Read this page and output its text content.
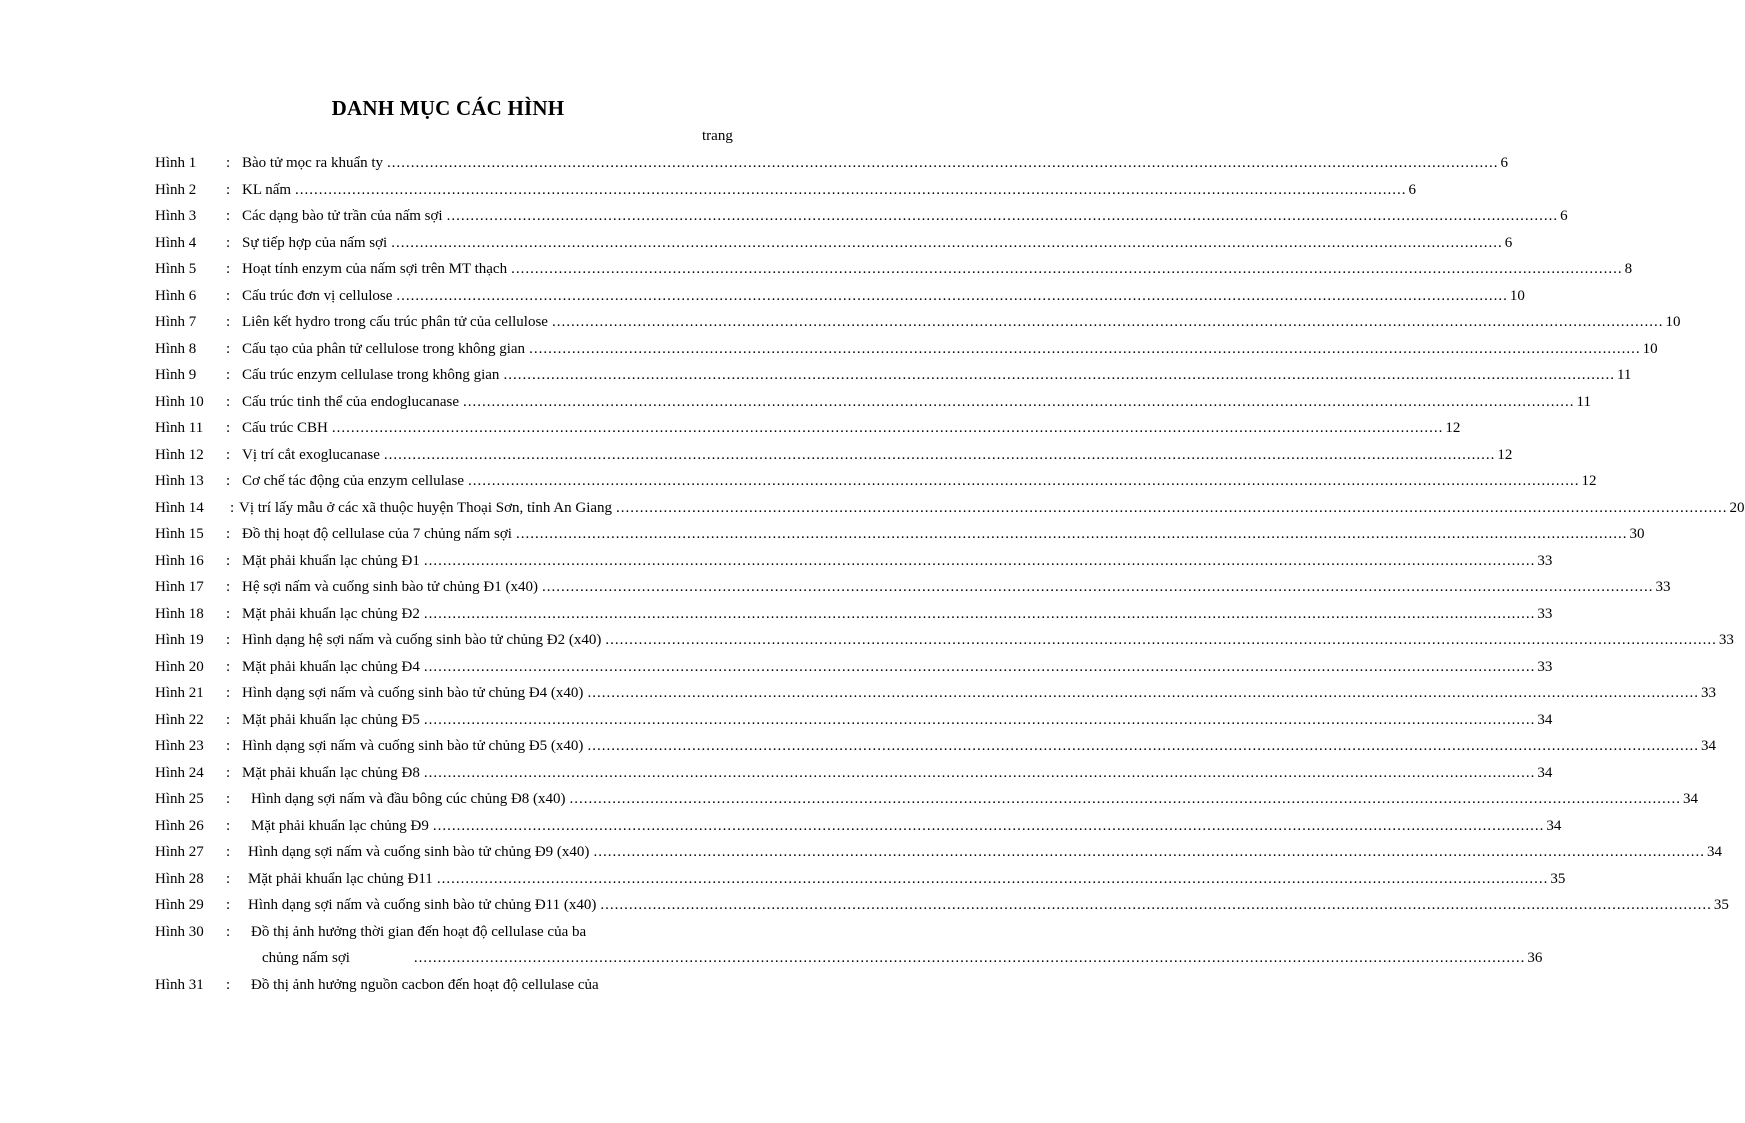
DANH MỤC CÁC HÌNH
trang
Hình 1 : Bào tử mọc ra khuẩn ty .....	6
Hình 2 : KL nấm .....	6
Hình 3 : Các dạng bào tử trần của nấm sợi .....	6
Hình 4 : Sự tiếp hợp của nấm sợi .....	6
Hình 5 : Hoạt tính enzym của nấm sợi trên MT thạch .....	8
Hình 6 : Cấu trúc đơn vị cellulose .....	10
Hình 7 : Liên kết hydro trong cấu trúc phân tử của cellulose .....	10
Hình 8 : Cấu tạo của phân tử cellulose trong không gian .....	10
Hình 9 : Cấu trúc enzym cellulase trong không gian .....	11
Hình 10 : Cấu trúc tinh thể của endoglucanase .....	11
Hình 11 : Cấu trúc CBH .....	12
Hình 12 : Vị trí cắt exoglucanase .....	12
Hình 13 : Cơ chế tác động của enzym cellulase .....	12
Hình 14 : Vị trí lấy mẫu ở các xã thuộc huyện Thoại Sơn, tỉnh An Giang .....	20
Hình 15 : Đồ thị hoạt độ cellulase của 7 chủng nấm sợi .....	30
Hình 16 : Mặt phải khuẩn lạc chủng Đ1 .....	33
Hình 17 : Hệ sợi nấm và cuống sinh bào tử chủng Đ1 (x40) .....	33
Hình 18 : Mặt phải khuẩn lạc chủng Đ2 .....	33
Hình 19 : Hình dạng hệ sợi nấm và cuống sinh bào tử chủng Đ2 (x40) .....	33
Hình 20 : Mặt phải khuẩn lạc chủng Đ4 .....	33
Hình 21 : Hình dạng sợi nấm và cuống sinh bào tử chủng Đ4 (x40) .....	33
Hình 22 : Mặt phải khuẩn lạc chủng Đ5 .....	34
Hình 23 : Hình dạng sợi nấm và cuống sinh bào tử chủng Đ5 (x40) .....	34
Hình 24 : Mặt phải khuẩn lạc chủng Đ8 .....	34
Hình 25 : Hình dạng sợi nấm và đầu bông cúc chủng Đ8 (x40) .....	34
Hình 26 : Mặt phải khuẩn lạc chủng Đ9 .....	34
Hình 27 : Hình dạng sợi nấm và cuống sinh bào tử chủng Đ9 (x40) .....	34
Hình 28 : Mặt phải khuẩn lạc chủng Đ11 .....	35
Hình 29 : Hình dạng sợi nấm và cuống sinh bào tử chủng Đ11 (x40) .....	35
Hình 30 : Đồ thị ảnh hưởng thời gian đến hoạt độ cellulase của ba
chủng nấm sợi .....	36
Hình 31 : Đồ thị ảnh hưởng nguồn cacbon đến hoạt độ cellulase của
